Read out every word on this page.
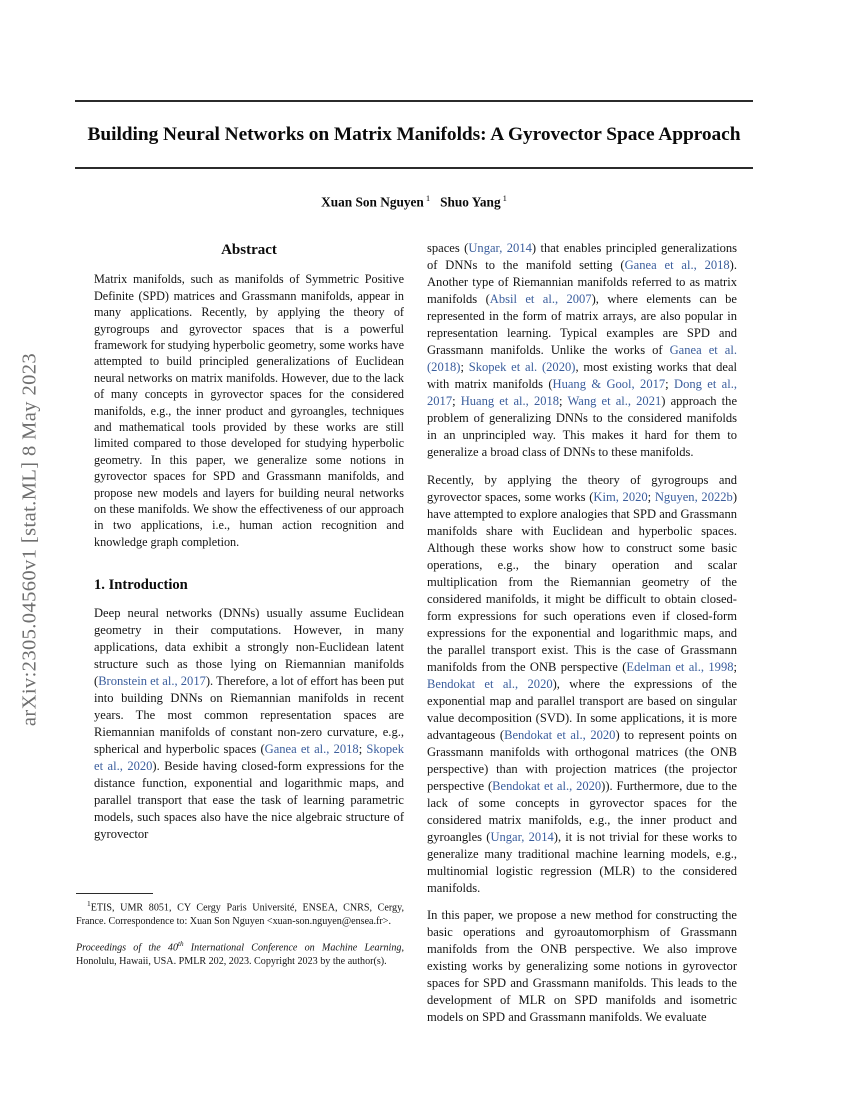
arXiv:2305.04560v1 [stat.ML] 8 May 2023
Building Neural Networks on Matrix Manifolds: A Gyrovector Space Approach
Xuan Son Nguyen $^1$ Shuo Yang $^1$
Abstract

Matrix manifolds, such as manifolds of Symmetric Positive Definite (SPD) matrices and Grassmann manifolds, appear in many applications. Recently, by applying the theory of gyrogroups and gyrovector spaces that is a powerful framework for studying hyperbolic geometry, some works have attempted to build principled generalizations of Euclidean neural networks on matrix manifolds. However, due to the lack of many concepts in gyrovector spaces for the considered manifolds, e.g., the inner product and gyroangles, techniques and mathematical tools provided by these works are still limited compared to those developed for studying hyperbolic geometry. In this paper, we generalize some notions in gyrovector spaces for SPD and Grassmann manifolds, and propose new models and layers for building neural networks on these manifolds. We show the effectiveness of our approach in two applications, i.e., human action recognition and knowledge graph completion.

1. Introduction

Deep neural networks (DNNs) usually assume Euclidean geometry in their computations. However, in many applications, data exhibit a strongly non-Euclidean latent structure such as those lying on Riemannian manifolds (Bronstein et al., 2017). Therefore, a lot of effort has been put into building DNNs on Riemannian manifolds in recent years. The most common representation spaces are Riemannian manifolds of constant non-zero curvature, e.g., spherical and hyperbolic spaces (Ganea et al., 2018; Skopek et al., 2020). Beside having closed-form expressions for the distance function, exponential and logarithmic maps, and parallel transport that ease the task of learning parametric models, such spaces also have the nice algebraic structure of gyrovector

spaces (Ungar, 2014) that enables principled generalizations of DNNs to the manifold setting (Ganea et al., 2018). Another type of Riemannian manifolds referred to as matrix manifolds (Absil et al., 2007), where elements can be represented in the form of matrix arrays, are also popular in representation learning. Typical examples are SPD and Grassmann manifolds. Unlike the works of Ganea et al. (2018); Skopek et al. (2020), most existing works that deal with matrix manifolds (Huang & Gool, 2017; Dong et al., 2017; Huang et al., 2018; Wang et al., 2021) approach the problem of generalizing DNNs to the considered manifolds in an unprincipled way. This makes it hard for them to generalize a broad class of DNNs to these manifolds.

Recently, by applying the theory of gyrogroups and gyrovector spaces, some works (Kim, 2020; Nguyen, 2022b) have attempted to explore analogies that SPD and Grassmann manifolds share with Euclidean and hyperbolic spaces. Although these works show how to construct some basic operations, e.g., the binary operation and scalar multiplication from the Riemannian geometry of the considered manifolds, it might be difficult to obtain closed-form expressions for such operations even if closed-form expressions for the exponential and logarithmic maps, and the parallel transport exist. This is the case of Grassmann manifolds from the ONB perspective (Edelman et al., 1998; Bendokat et al., 2020), where the expressions of the exponential map and parallel transport are based on singular value decomposition (SVD). In some applications, it is more advantageous (Bendokat et al., 2020) to represent points on Grassmann manifolds with orthogonal matrices (the ONB perspective) than with projection matrices (the projector perspective (Bendokat et al., 2020)). Furthermore, due to the lack of some concepts in gyrovector spaces for the considered matrix manifolds, e.g., the inner product and gyroangles (Ungar, 2014), it is not trivial for these works to generalize many traditional machine learning models, e.g., multinomial logistic regression (MLR) to the considered manifolds.

In this paper, we propose a new method for constructing the basic operations and gyroautomorphism of Grassmann manifolds from the ONB perspective. We also improve existing works by generalizing some notions in gyrovector spaces for SPD and Grassmann manifolds. This leads to the development of MLR on SPD manifolds and isometric models on SPD and Grassmann manifolds. We evaluate

$^1$ETIS, UMR 8051, CY Cergy Paris Université, ENSEA, CNRS, Cergy, France. Correspondence to: Xuan Son Nguyen <xuan-son.nguyen@ensea.fr>.

Proceedings of the 40th International Conference on Machine Learning, Honolulu, Hawaii, USA. PMLR 202, 2023. Copyright 2023 by the author(s).
